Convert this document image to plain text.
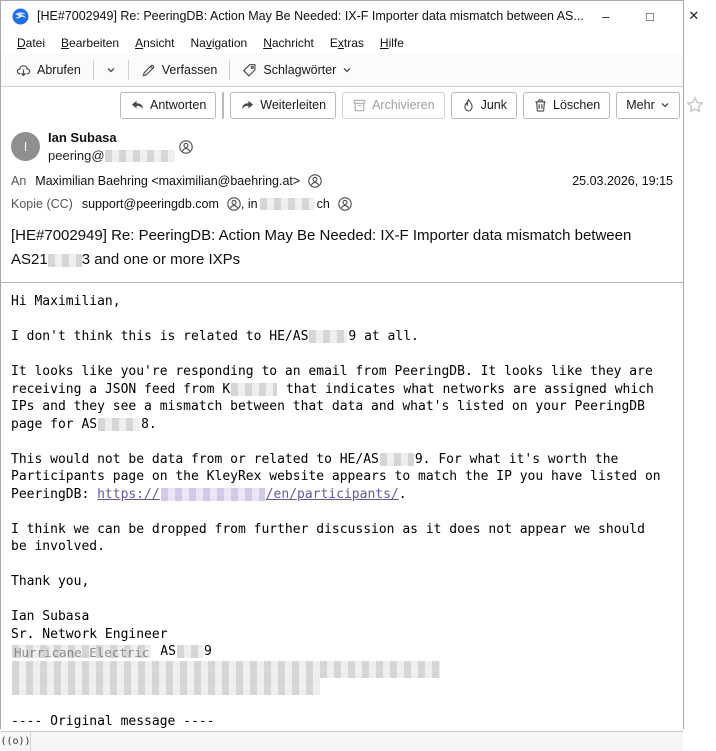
[HE#7002949] Re: PeeringDB: Action May Be Needed: IX-F Importer data mismatch between AS...	–	□	✕
Datei	Bearbeiten	Ansicht	Navigation	Nachricht	Extras	Hilfe
Abrufen	Verfassen	Schlagwörter
Antworten	Weiterleiten	Archivieren	Junk	Löschen Mehr
I
Ian Subasa
peering@
An Maximilian Baehring <maximilian@baehring.at>	25.03.2026, 19:15
Kopie (CC) support@peeringdb.com , in	ch
[HE#7002949] Re: PeeringDB: Action May Be Needed: IX-F Importer data mismatch between AS21 3 and one or more IXPs
Hi Maximilian,

I don't think this is related to HE/AS	9 at all.

It looks like you're responding to an email from PeeringDB. It looks like they are
receiving a JSON feed from K	that indicates what networks are assigned which
IPs and they see a mismatch between that data and what's listed on your PeeringDB
page for AS	8.

This would not be data from or related to HE/AS	9. For what it's worth the
Participants page on the KleyRex website appears to match the IP you have listed on
PeeringDB: https://	/en/participants/.

I think we can be dropped from further discussion as it does not appear we should
be involved.

Thank you,

Ian Subasa
Sr. Network Engineer
Hurricane Electric AS 9

---- Original message ----
((o))
